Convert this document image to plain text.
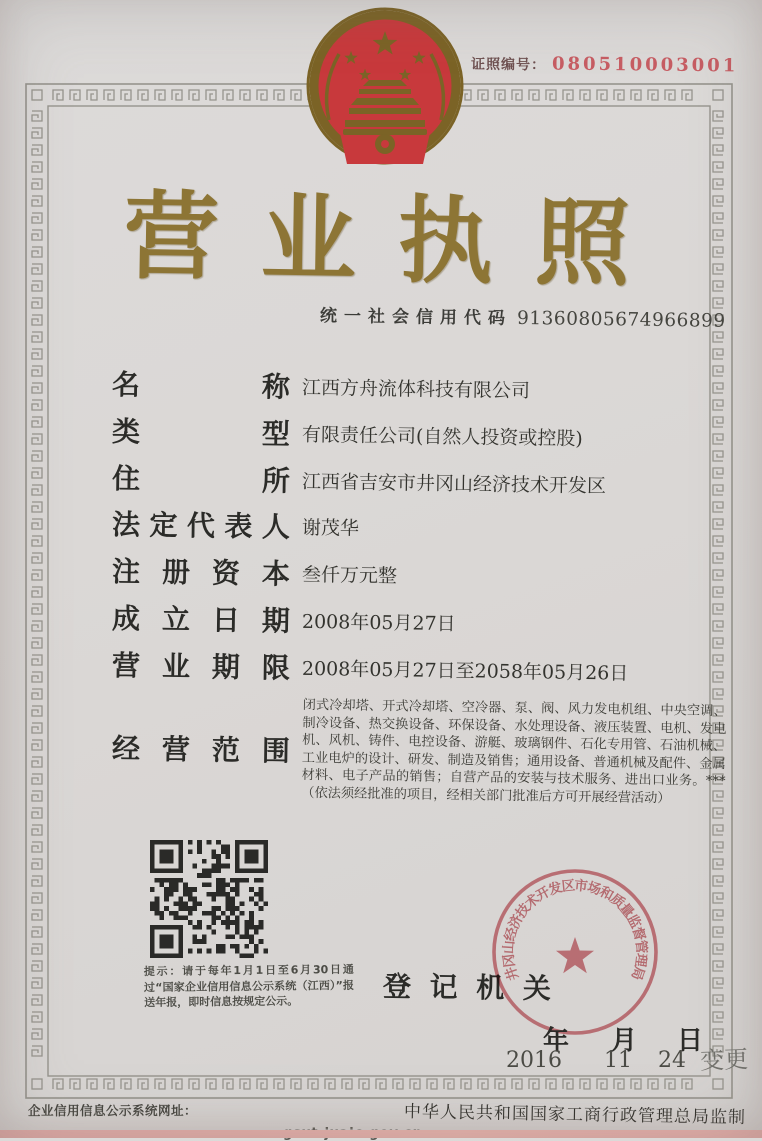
证照编号： 080510003001
营业执照
统一社会信用代码 91360805674966899
名	称 江西方舟流体科技有限公司
类	型 有限责任公司(自然人投资或控股)
住	所 江西省吉安市井冈山经济技术开发区
法 定 代 表 人 谢茂华
注 册 资 本 叁仟万元整
成 立 日 期 2008年05月27日
营 业 期 限 2008年05月27日至2058年05月26日
经 营 范 围
闭式冷却塔、开式冷却塔、空冷器、泵、阀、风力发电机组、中央空调、制冷设备、热交换设备、环保设备、水处理设备、液压装置、电机、发电机、风机、铸件、电控设备、游艇、玻璃钢件、石化专用管、石油机械、工业电炉的设计、研发、制造及销售；通用设备、普通机械及配件、金属材料、电子产品的销售；自营产品的安装与技术服务、进出口业务。***（依法须经批准的项目，经相关部门批准后方可开展经营活动）
提示：请于每年1月1日至6月30日通过“国家企业信用信息公示系统（江西）”报送年报，即时信息按规定公示。	登 记 机 关
井冈山经济技术开发区市场和质量监督管理局
年 月 日
2016 11 24 变更
企业信用信息公示系统网址：	中华人民共和国国家工商行政管理总局监制
